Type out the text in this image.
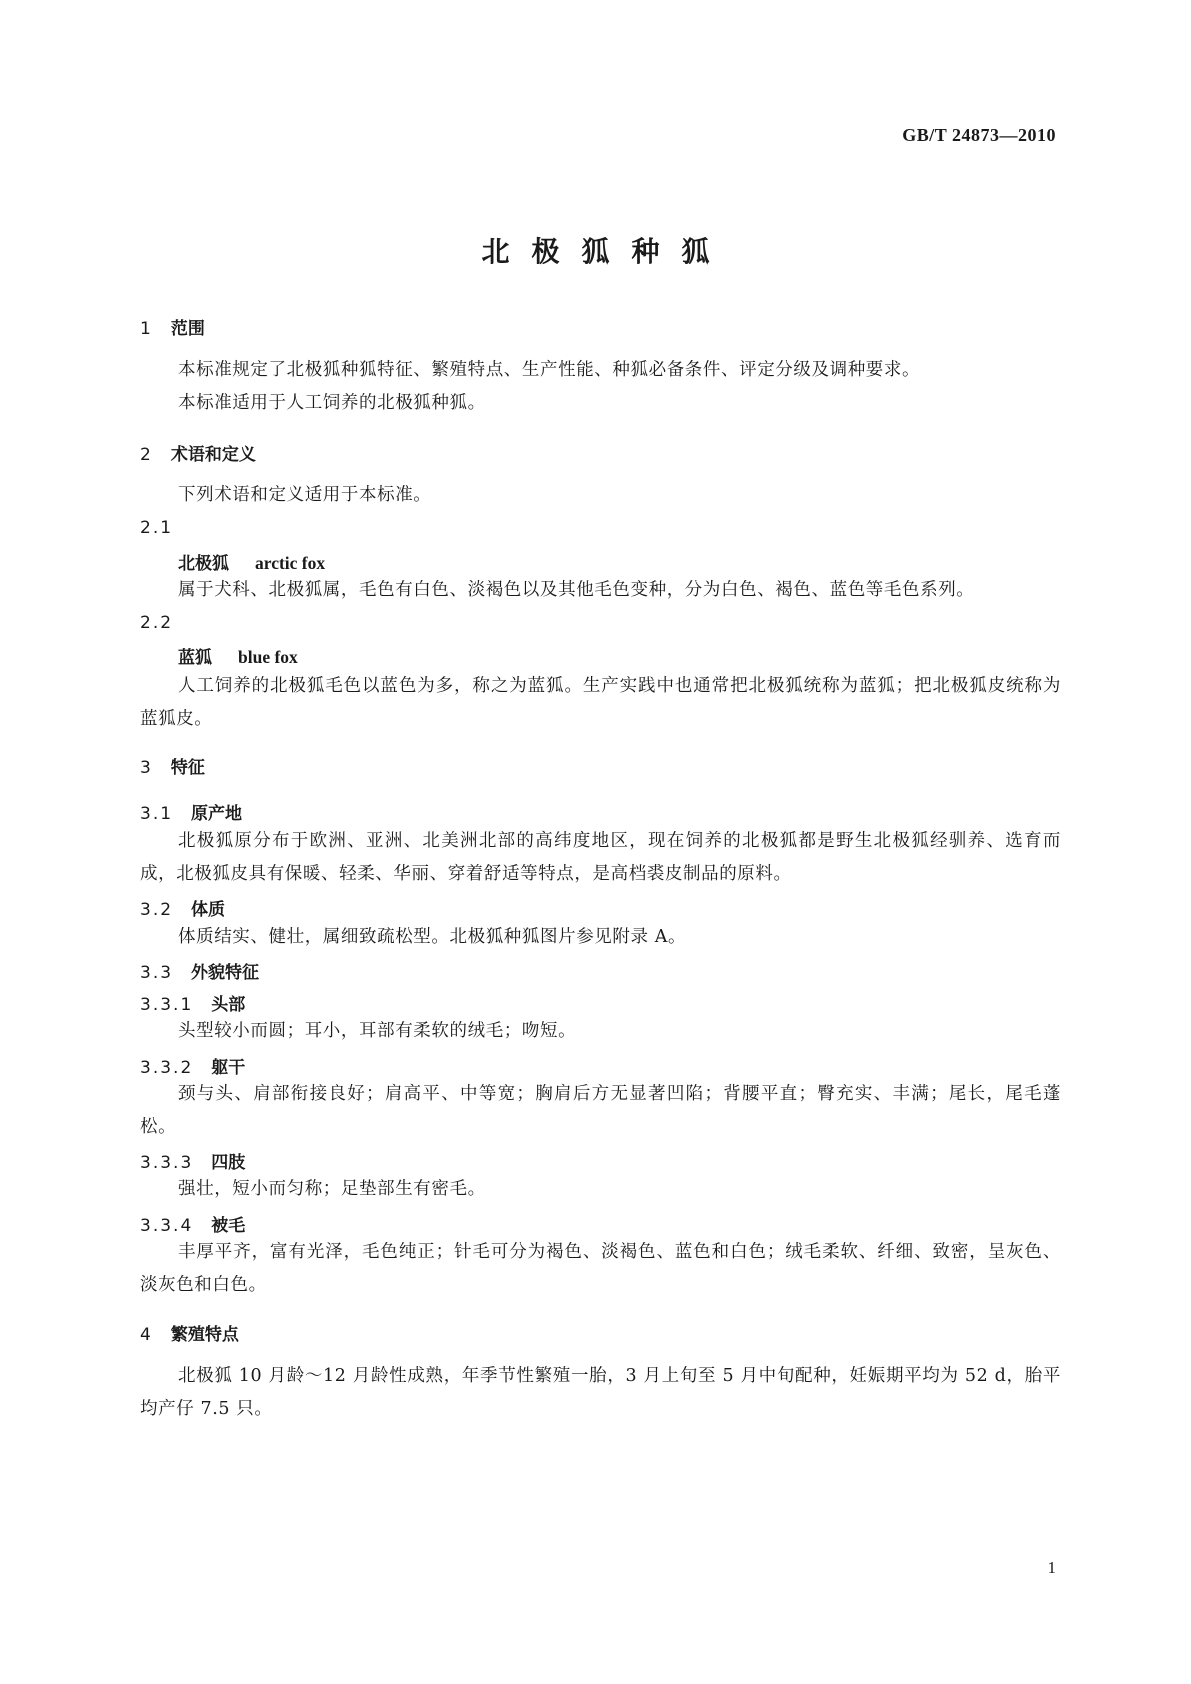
GB/T 24873—2010
北极狐种狐
1 范围
本标准规定了北极狐种狐特征、繁殖特点、生产性能、种狐必备条件、评定分级及调种要求。
本标准适用于人工饲养的北极狐种狐。
2 术语和定义
下列术语和定义适用于本标准。
2.1
北极狐 arctic fox
属于犬科、北极狐属，毛色有白色、淡褐色以及其他毛色变种，分为白色、褐色、蓝色等毛色系列。
2.2
蓝狐 blue fox
人工饲养的北极狐毛色以蓝色为多，称之为蓝狐。生产实践中也通常把北极狐统称为蓝狐；把北极狐皮统称为蓝狐皮。
3 特征
3.1 原产地
北极狐原分布于欧洲、亚洲、北美洲北部的高纬度地区，现在饲养的北极狐都是野生北极狐经驯养、选育而成，北极狐皮具有保暖、轻柔、华丽、穿着舒适等特点，是高档裘皮制品的原料。
3.2 体质
体质结实、健壮，属细致疏松型。北极狐种狐图片参见附录 A。
3.3 外貌特征
3.3.1 头部
头型较小而圆；耳小，耳部有柔软的绒毛；吻短。
3.3.2 躯干
颈与头、肩部衔接良好；肩高平、中等宽；胸肩后方无显著凹陷；背腰平直；臀充实、丰满；尾长，尾毛蓬松。
3.3.3 四肢
强壮，短小而匀称；足垫部生有密毛。
3.3.4 被毛
丰厚平齐，富有光泽，毛色纯正；针毛可分为褐色、淡褐色、蓝色和白色；绒毛柔软、纤细、致密，呈灰色、淡灰色和白色。
4 繁殖特点
北极狐 10 月龄～12 月龄性成熟，年季节性繁殖一胎，3 月上旬至 5 月中旬配种，妊娠期平均为 52 d，胎平均产仔 7.5 只。
1
